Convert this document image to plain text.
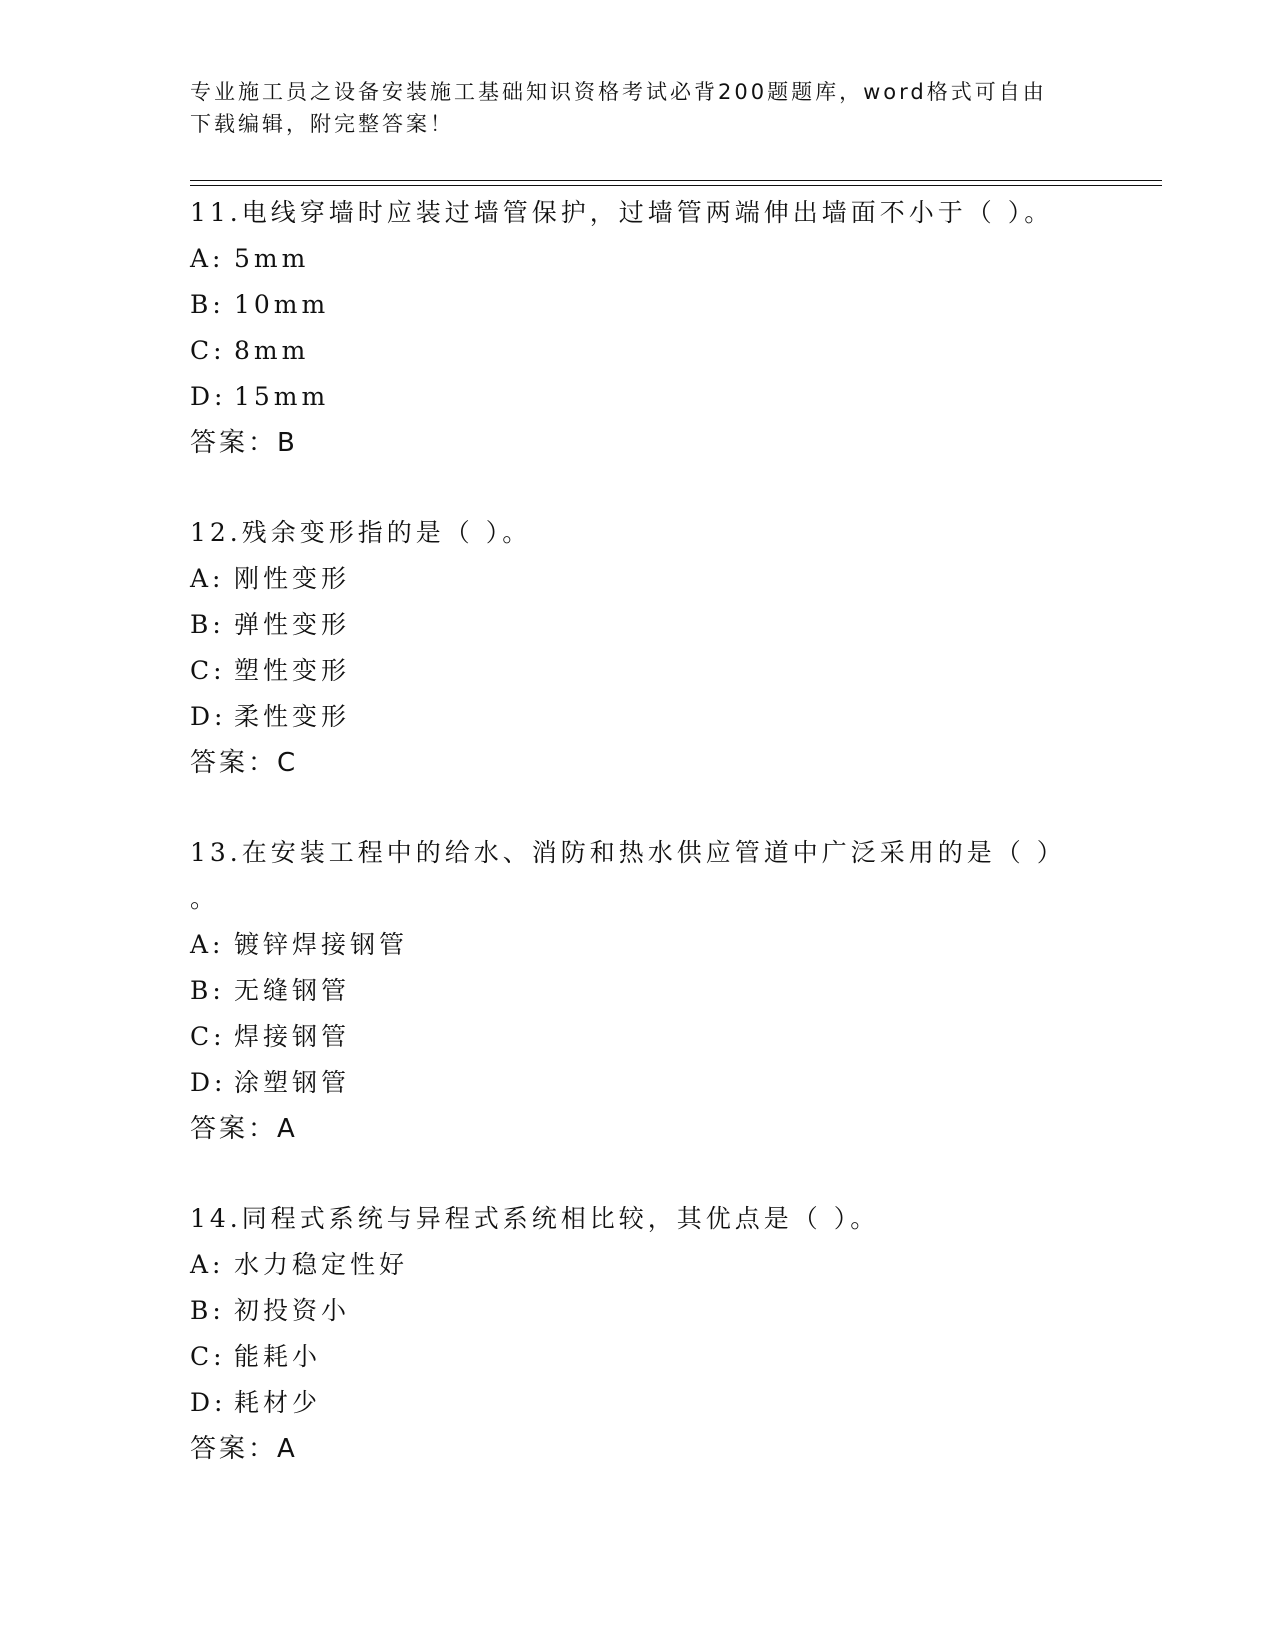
专业施工员之设备安装施工基础知识资格考试必背200题题库，word格式可自由

下载编辑，附完整答案！

11.电线穿墙时应装过墙管保护，过墙管两端伸出墙面不小于（ ）。

A: 5mm

B: 10mm

C: 8mm

D: 15mm

答案：B

12.残余变形指的是（ ）。

A: 刚性变形

B: 弹性变形

C: 塑性变形

D: 柔性变形

答案：C

13.在安装工程中的给水、消防和热水供应管道中广泛采用的是（ ）

。

A: 镀锌焊接钢管

B: 无缝钢管

C: 焊接钢管

D: 涂塑钢管

答案：A

14.同程式系统与异程式系统相比较，其优点是（ ）。

A: 水力稳定性好

B: 初投资小

C: 能耗小

D: 耗材少

答案：A
